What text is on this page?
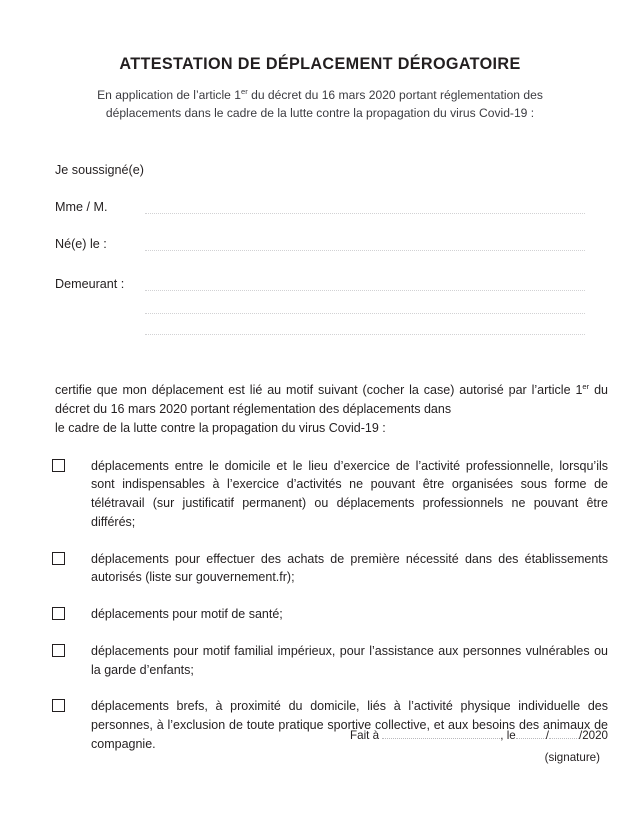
ATTESTATION DE DÉPLACEMENT DÉROGATOIRE

En application de l’article 1er du décret du 16 mars 2020 portant réglementation des déplacements dans le cadre de la lutte contre la propagation du virus Covid-19 :

Je soussigné(e)
Mme / M.
Né(e) le :
Demeurant :

certifie que mon déplacement est lié au motif suivant (cocher la case) autorisé par l’article 1er du décret du 16 mars 2020 portant réglementation des déplacements dans
le cadre de la lutte contre la propagation du virus Covid-19 :

déplacements entre le domicile et le lieu d’exercice de l’activité professionnelle, lorsqu’ils sont indispensables à l’exercice d’activités ne pouvant être organisées sous forme de télétravail (sur justificatif permanent) ou déplacements professionnels ne pouvant être différés;
déplacements pour effectuer des achats de première nécessité dans des établissements autorisés (liste sur gouvernement.fr);
déplacements pour motif de santé;
déplacements pour motif familial impérieux, pour l’assistance aux personnes vulnérables ou la garde d’enfants;
déplacements brefs, à proximité du domicile, liés à l’activité physique individuelle des personnes, à l’exclusion de toute pratique sportive collective, et aux besoins des animaux de compagnie.
Fait à	, le	/	/2020
(signature)
